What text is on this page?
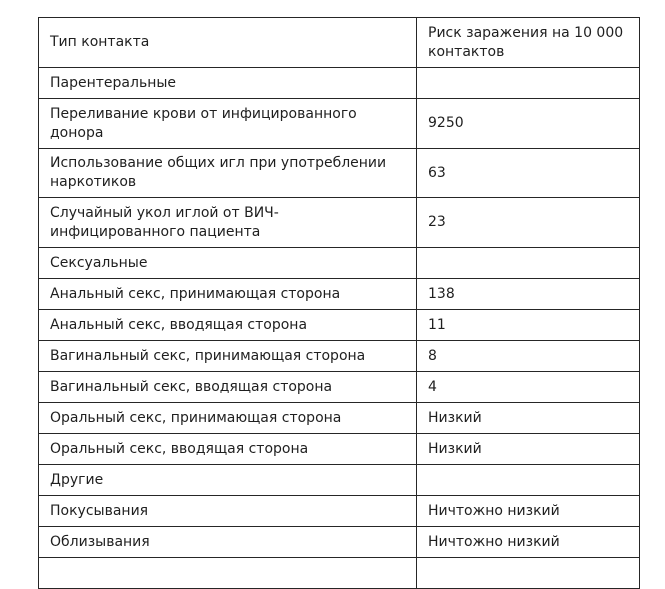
Тип контакта	Риск заражения на 10 000 контактов
Парентеральные	
Переливание крови от инфицированного донора	9250
Использование общих игл при употреблении наркотиков	63
Случайный укол иглой от ВИЧ-инфицированного пациента	23
Сексуальные	
Анальный секс, принимающая сторона	138
Анальный секс, вводящая сторона	11
Вагинальный секс, принимающая сторона	8
Вагинальный секс, вводящая сторона	4
Оральный секс, принимающая сторона	Низкий
Оральный секс, вводящая сторона	Низкий
Другие	
Покусывания	Ничтожно низкий
Облизывания	Ничтожно низкий
